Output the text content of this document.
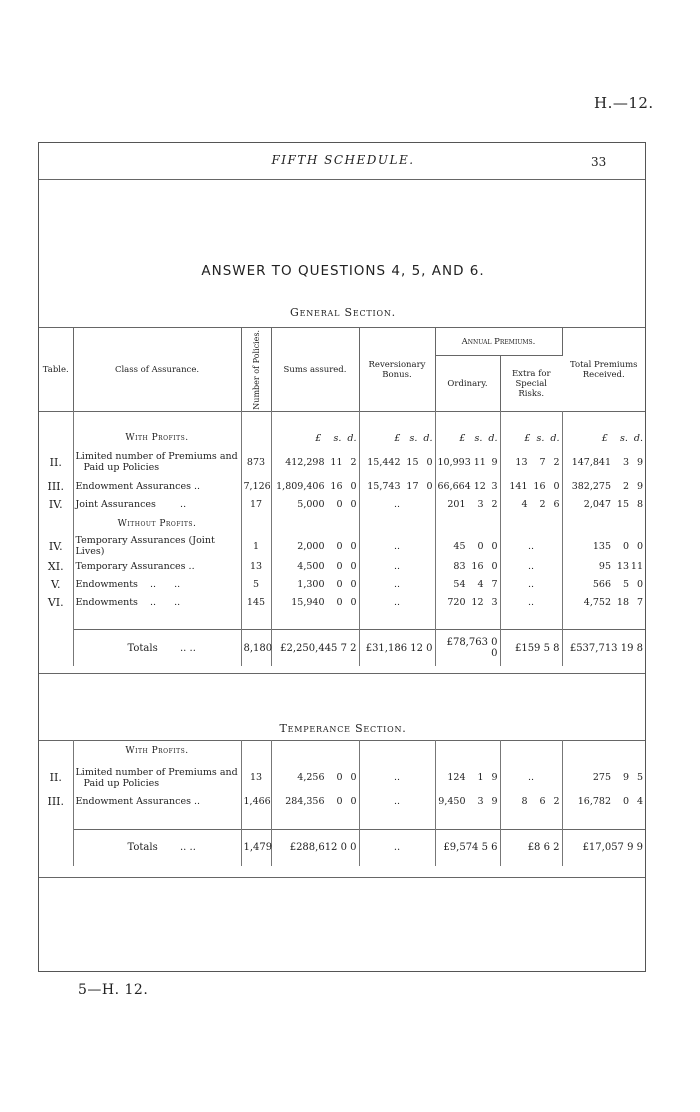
H.—12.
FIFTH SCHEDULE.	33
ANSWER TO QUESTIONS 4, 5, AND 6.
General Section.
Table.	Class of Assurance.	Number of Policies.	Sums assured.	Reversionary Bonus.	Annual Premiums.		Total Premiums Received.
					Ordinary.	Extra for Special Risks.	

	With Profits.		£ s. d.	£ s. d.	£ s. d.	£ s. d.	£ s. d.
II.	Limited number of Premiums and Paid up Policies	873	412,298 11 2	15,442 15 0	10,993 11 9	13 7 2	147,841 3 9

III.	Endowment Assurances ..	7,126	1,809,406 16 0	15,743 17 0	66,664 12 3	141 16 0	382,275 2 9

IV.	Joint Assurances        ..	17	5,000 0 0	..	201 3 2	4 2 6	2,047 15 8

	Without Profits.						
IV.	Temporary Assurances (Joint Lives)	1	2,000 0 0	..	45 0 0	..	135 0 0

XI.	Temporary Assurances ..	13	4,500 0 0	..	83 16 0	..	95 13 11

V.	Endowments    ..      ..	5	1,300 0 0	..	54 4 7	..	566 5 0

VI.	Endowments    ..      ..	145	15,940 0 0	..	720 12 3	..	4,752 18 7

	Totals .. ..	8,180	£2,250,445 7 2	£31,186 12 0	£78,763 0 0	£159 5 8	£537,713 19 8
Temperance Section.
	With Profits.						
II.	Limited number of Premiums and Paid up Policies	13	4,256 0 0	..	124 1 9	..	275 9 5

III.	Endowment Assurances ..	1,466	284,356 0 0	..	9,450 3 9	8 6 2	16,782 0 4

	Totals .. ..	1,479	£288,612 0 0	..	£9,574 5 6	£8 6 2	£17,057 9 9
5—H. 12.
